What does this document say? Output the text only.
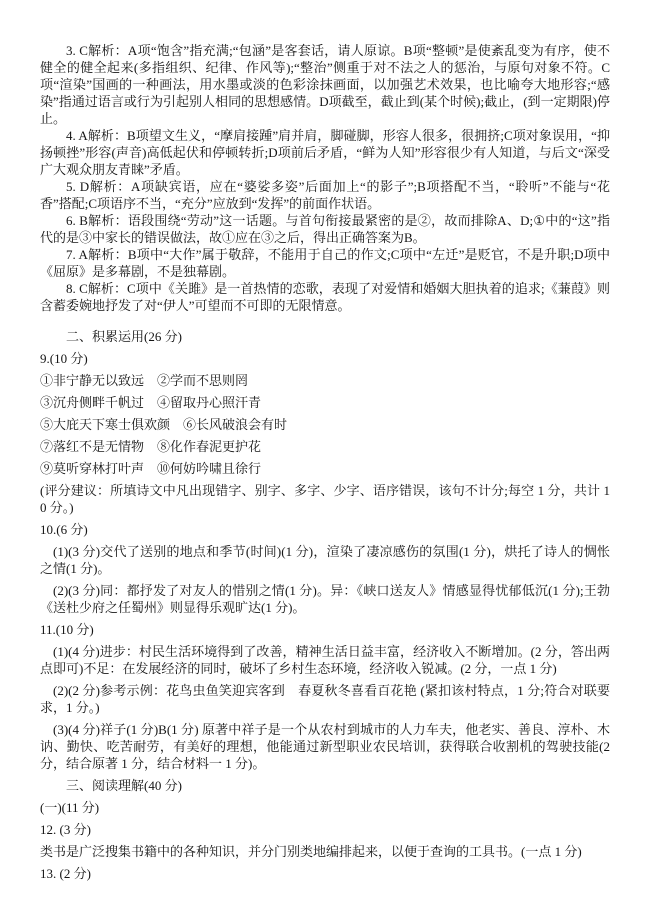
3. C解析：A项“饱含”指充满;“包涵”是客套话，请人原谅。B项“整顿”是使紊乱变为有序，使不健全的健全起来(多指组织、纪律、作风等);“整治”侧重于对不法之人的惩治，与原句对象不符。C项“渲染”国画的一种画法，用水墨或淡的色彩涂抹画面，以加强艺术效果，也比喻夸大地形容;“感染”指通过语言或行为引起别人相同的思想感情。D项截至，截止到(某个时候);截止，(到一定期限)停止。

4. A解析：B项望文生义，“摩肩接踵”肩并肩，脚碰脚，形容人很多，很拥挤;C项对象误用，“抑扬顿挫”形容(声音)高低起伏和停顿转折;D项前后矛盾，“鲜为人知”形容很少有人知道，与后文“深受广大观众朋友青睐”矛盾。

5. D解析：A项缺宾语，应在“婆娑多姿”后面加上“的影子”;B项搭配不当，“聆听”不能与“花香”搭配;C项语序不当，“充分”应放到“发挥”的前面作状语。

6. B解析：语段围绕“劳动”这一话题。与首句衔接最紧密的是②，故而排除A、D;①中的“这”指代的是③中家长的错误做法，故①应在③之后，得出正确答案为B。

7. A解析：B项中“大作”属于敬辞，不能用于自己的作文;C项中“左迁”是贬官，不是升职;D项中《屈原》是多幕剧，不是独幕剧。

8. C解析：C项中《关雎》是一首热情的恋歌，表现了对爱情和婚姻大胆执着的追求;《蒹葭》则含蓄委婉地抒发了对“伊人”可望而不可即的无限情意。

二、积累运用(26 分)

9.(10 分)

①非宁静无以致远　②学而不思则罔

③沉舟侧畔千帆过　④留取丹心照汗青

⑤大庇天下寒士俱欢颜　⑥长风破浪会有时

⑦落红不是无情物　⑧化作春泥更护花

⑨莫听穿林打叶声　⑩何妨吟啸且徐行

(评分建议：所填诗文中凡出现错字、别字、多字、少字、语序错误，该句不计分;每空 1 分，共计 10 分。)

10.(6 分)

(1)(3 分)交代了送别的地点和季节(时间)(1 分)，渲染了凄凉感伤的氛围(1 分)，烘托了诗人的惆怅之情(1 分)。

(2)(3 分)同：都抒发了对友人的惜别之情(1 分)。异：《峡口送友人》情感显得忧郁低沉(1 分);王勃《送杜少府之任蜀州》则显得乐观旷达(1 分)。

11.(10 分)

(1)(4 分)进步：村民生活环境得到了改善，精神生活日益丰富，经济收入不断增加。(2 分，答出两点即可)不足：在发展经济的同时，破坏了乡村生态环境，经济收入锐减。(2 分，一点 1 分)

(2)(2 分)参考示例：花鸟虫鱼笑迎宾客到　春夏秋冬喜看百花艳 (紧扣该村特点，1 分;符合对联要求，1 分。)

(3)(4 分)祥子(1 分)B(1 分) 原著中祥子是一个从农村到城市的人力车夫，他老实、善良、淳朴、木讷、勤快、吃苦耐劳，有美好的理想，他能通过新型职业农民培训，获得联合收割机的驾驶技能(2分，结合原著 1 分，结合材料一 1 分)。

三、阅读理解(40 分)

(一)(11 分)

12. (3 分)

类书是广泛搜集书籍中的各种知识，并分门别类地编排起来，以便于查询的工具书。(一点 1 分)

13. (2 分)
